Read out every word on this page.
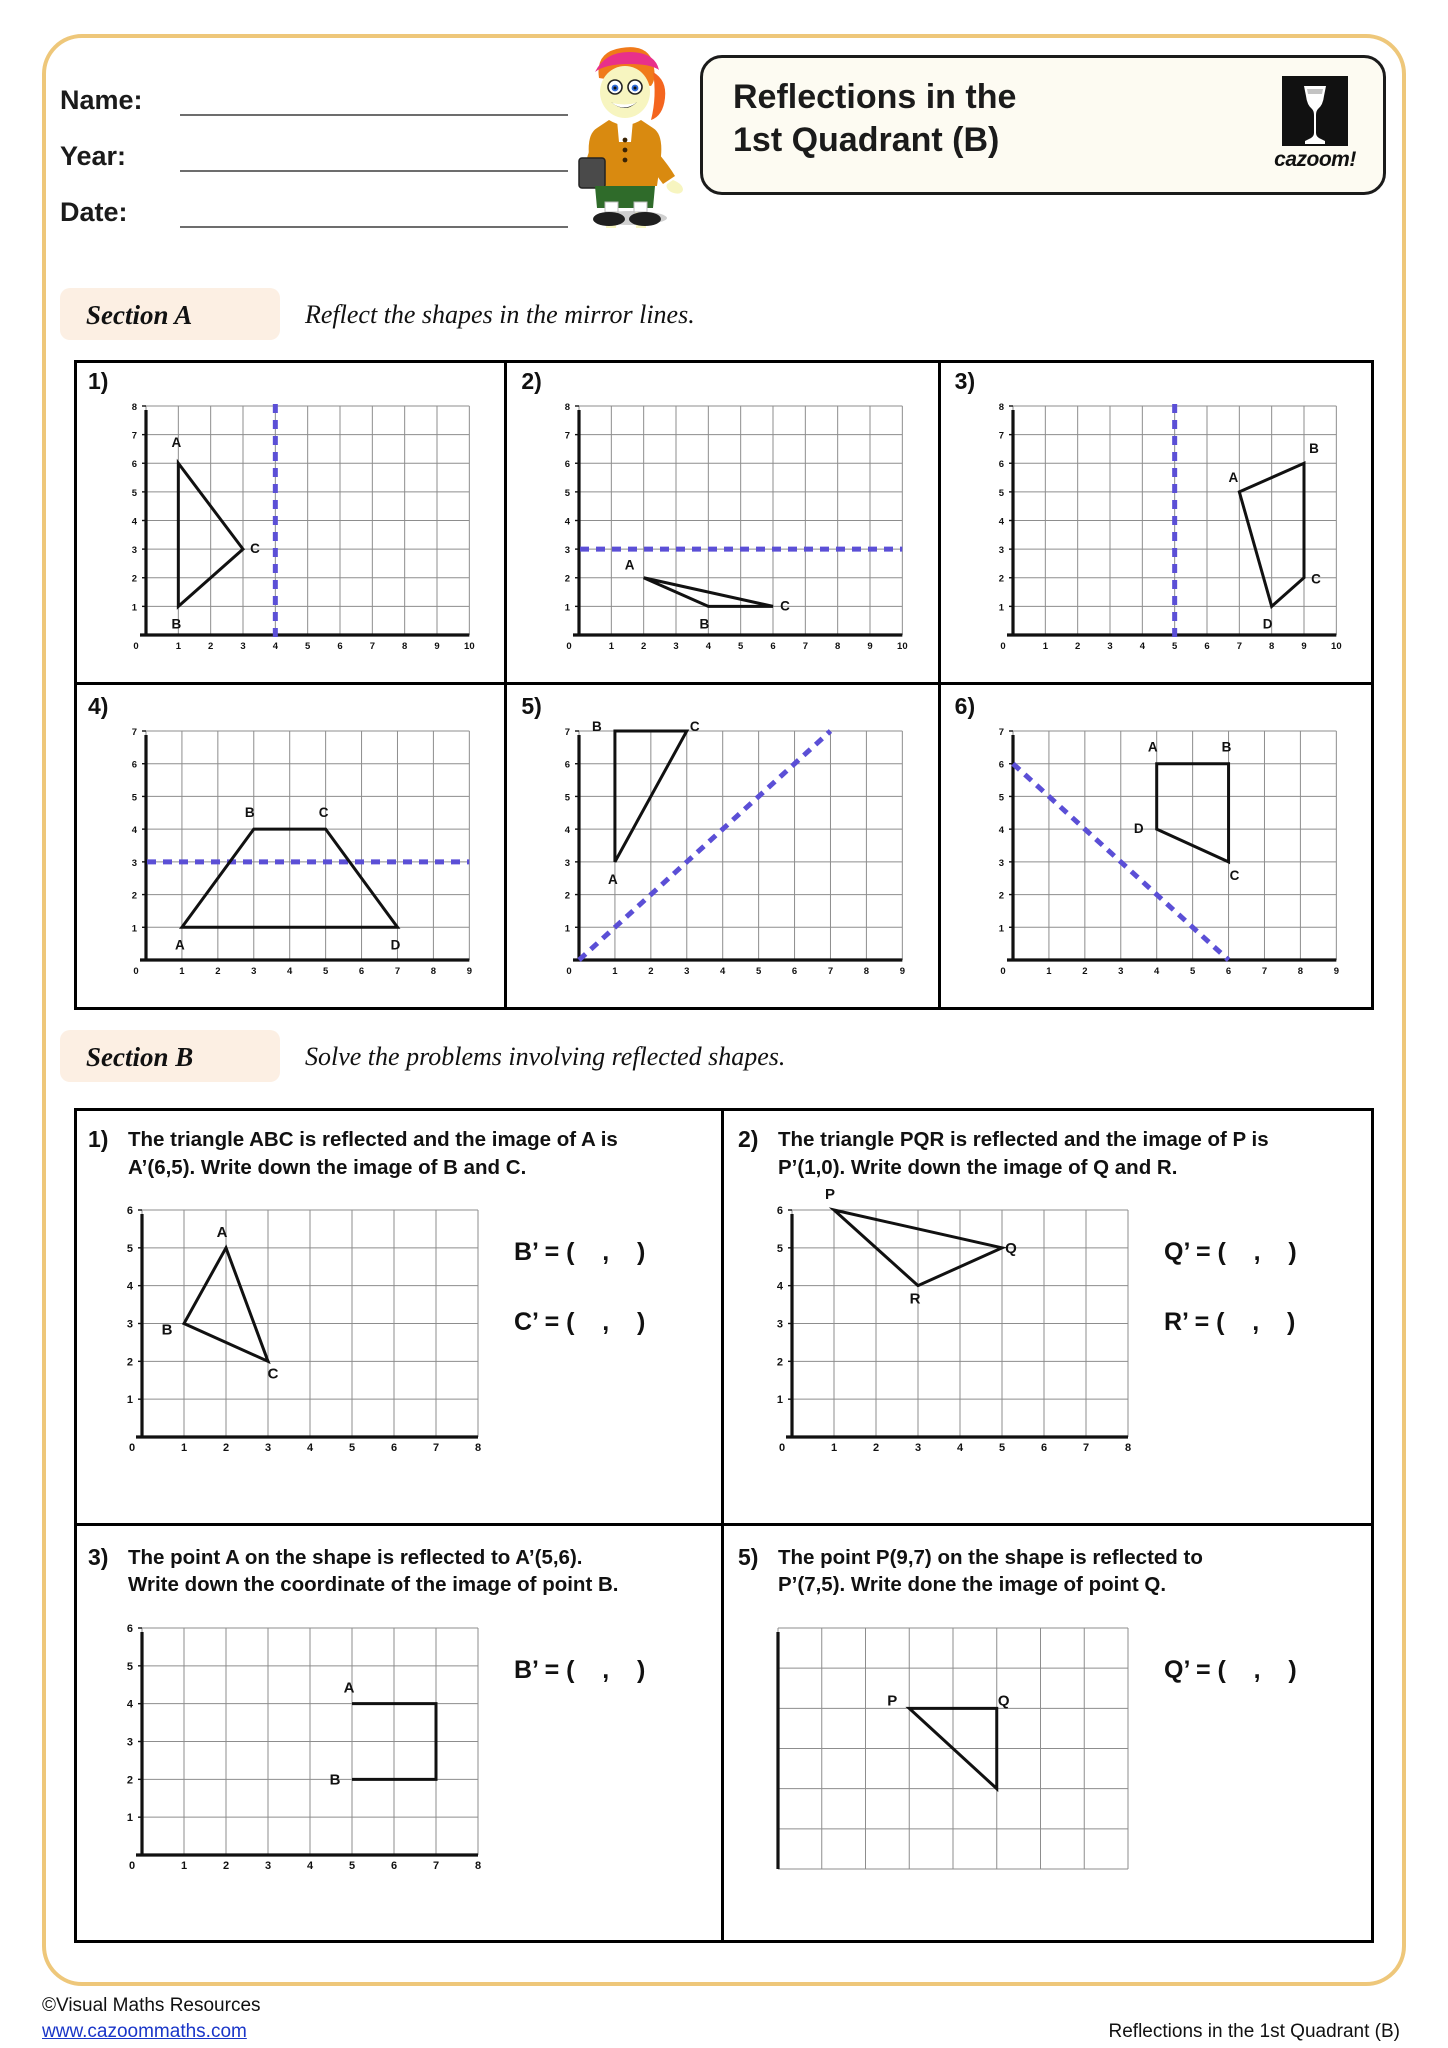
Name:
Year:
Date:
Reflections in the
1st Quadrant (B)
cazoom!
Section A	Reflect the shapes in the mirror lines.
1)
0	1	2	3	4	5	6	7	8	9	10
1
2
3
4
5
6
7
8
A
B
C
2)
0	1	2	3	4	5	6	7	8	9	10
1
2
3
4
5
6
7
8
A
B
C
3)
0	1	2	3	4	5	6	7	8	9	10
1
2
3
4
5
6
7
8
A
B
C
D
4)
0	1	2	3	4	5	6	7	8	9
1
2
3
4
5
6
7
A
B	C
D
5)
0	1	2	3	4	5	6	7	8	9
1
2
3
4
5
6
7
A
B	C
6)
0	1	2	3	4	5	6	7	8	9
1
2
3
4
5
6
7
A	B
C
D
Section B	Solve the problems involving reflected shapes.
1) The triangle ABC is reflected and the image of A is
A’(6,5). Write down the image of B and C.
0	1	2	3	4	5	6	7	8
1
2
3
4
5
6
A
B
C
B’ = (    ,    )
C’ = (    ,    )
2) The triangle PQR is reflected and the image of P is
P’(1,0). Write down the image of Q and R.
0	1	2	3	4	5	6	7	8
1
2
3
4
5
6
P
Q
R
Q’ = (    ,    )
R’ = (    ,    )
3) The point A on the shape is reflected to A’(5,6).
Write down the coordinate of the image of point B.
0	1	2	3	4	5	6	7	8
1
2
3
4
5
6
A
B
B’ = (    ,    )
5) The point P(9,7) on the shape is reflected to
P’(7,5). Write done the image of point Q.
P	Q
Q’ = (    ,    )
©Visual Maths Resources
www.cazoommaths.com	Reflections in the 1st Quadrant (B)
